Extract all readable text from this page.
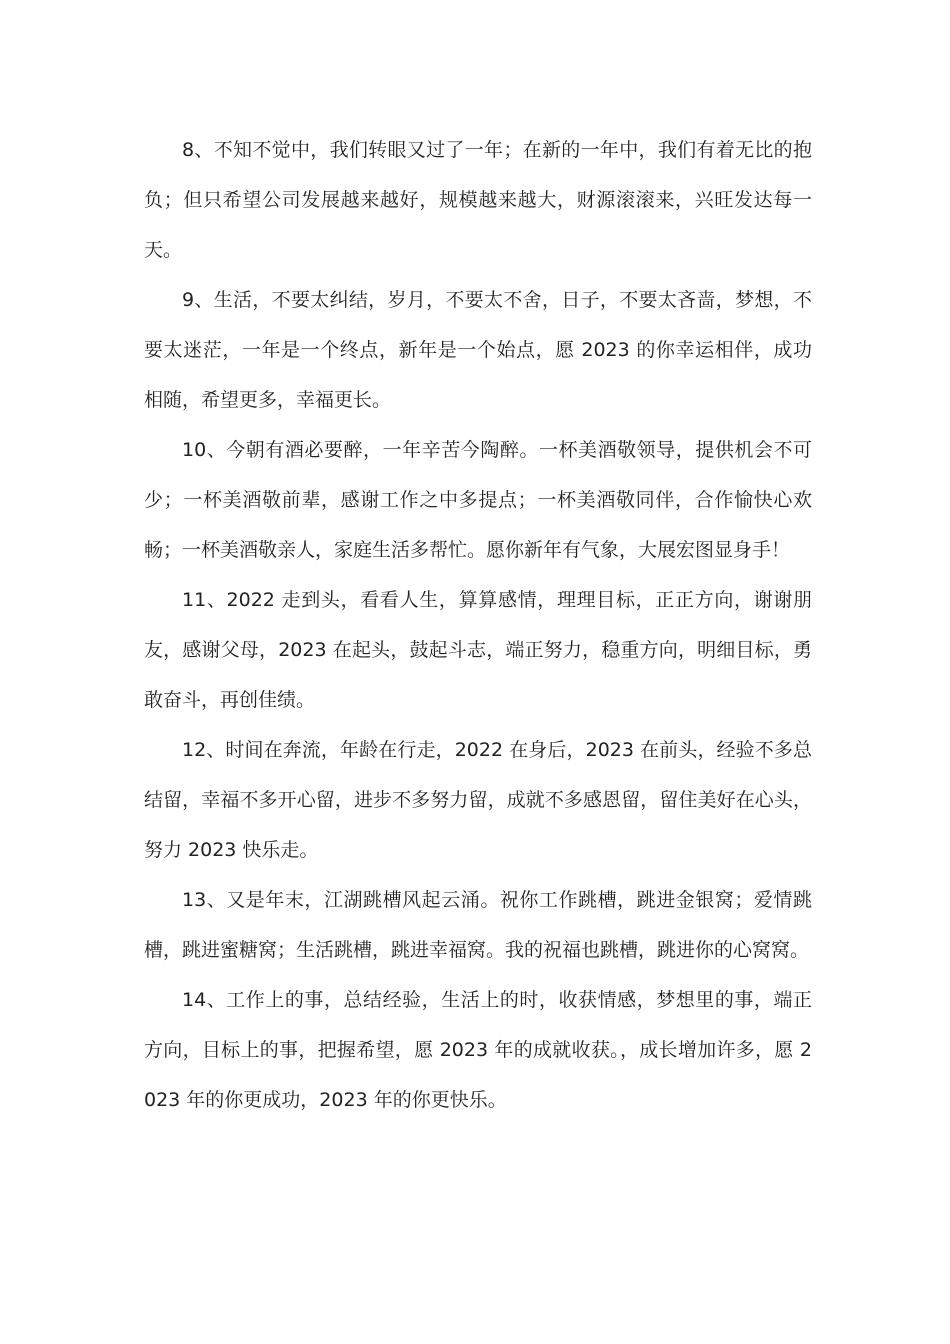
8、不知不觉中，我们转眼又过了一年；在新的一年中，我们有着无比的抱负；但只希望公司发展越来越好，规模越来越大，财源滚滚来，兴旺发达每一天。

9、生活，不要太纠结，岁月，不要太不舍，日子，不要太吝啬，梦想，不要太迷茫，一年是一个终点，新年是一个始点，愿 2023 的你幸运相伴，成功相随，希望更多，幸福更长。

10、今朝有酒必要醉，一年辛苦今陶醉。一杯美酒敬领导，提供机会不可少；一杯美酒敬前辈，感谢工作之中多提点；一杯美酒敬同伴，合作愉快心欢畅；一杯美酒敬亲人，家庭生活多帮忙。愿你新年有气象，大展宏图显身手！

11、2022 走到头，看看人生，算算感情，理理目标，正正方向，谢谢朋友，感谢父母，2023 在起头，鼓起斗志，端正努力，稳重方向，明细目标，勇敢奋斗，再创佳绩。

12、时间在奔流，年龄在行走，2022 在身后，2023 在前头，经验不多总结留，幸福不多开心留，进步不多努力留，成就不多感恩留，留住美好在心头，努力 2023 快乐走。

13、又是年末，江湖跳槽风起云涌。祝你工作跳槽，跳进金银窝；爱情跳槽，跳进蜜糖窝；生活跳槽，跳进幸福窝。我的祝福也跳槽，跳进你的心窝窝。

14、工作上的事，总结经验，生活上的时，收获情感，梦想里的事，端正方向，目标上的事，把握希望，愿 2023 年的成就收获。，成长增加许多，愿 2023 年的你更成功，2023 年的你更快乐。
